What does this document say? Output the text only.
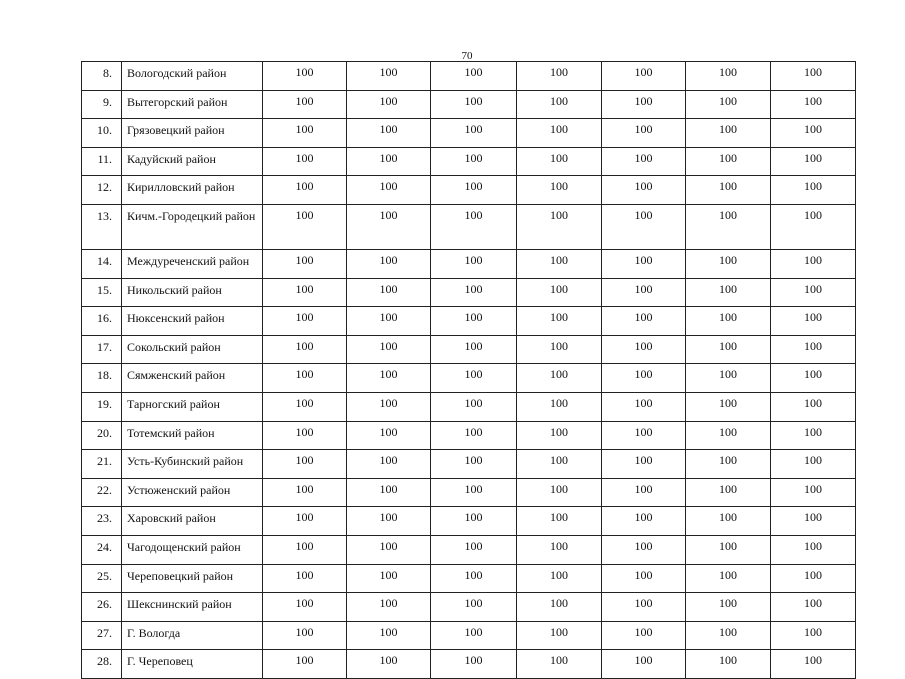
70
8.	Вологодский район	100	100	100	100	100	100	100
9.	Вытегорский район	100	100	100	100	100	100	100
10.	Грязовецкий район	100	100	100	100	100	100	100
11.	Кадуйский район	100	100	100	100	100	100	100
12.	Кирилловский район	100	100	100	100	100	100	100
13.	Кичм.-Городецкий район	100	100	100	100	100	100	100
14.	Междуреченский район	100	100	100	100	100	100	100
15.	Никольский район	100	100	100	100	100	100	100
16.	Нюксенский район	100	100	100	100	100	100	100
17.	Сокольский район	100	100	100	100	100	100	100
18.	Сямженский район	100	100	100	100	100	100	100
19.	Тарногский район	100	100	100	100	100	100	100
20.	Тотемский район	100	100	100	100	100	100	100
21.	Усть-Кубинский район	100	100	100	100	100	100	100
22.	Устюженский район	100	100	100	100	100	100	100
23.	Харовский район	100	100	100	100	100	100	100
24.	Чагодощенский район	100	100	100	100	100	100	100
25.	Череповецкий район	100	100	100	100	100	100	100
26.	Шекснинский район	100	100	100	100	100	100	100
27.	Г. Вологда	100	100	100	100	100	100	100
28.	Г. Череповец	100	100	100	100	100	100	100
